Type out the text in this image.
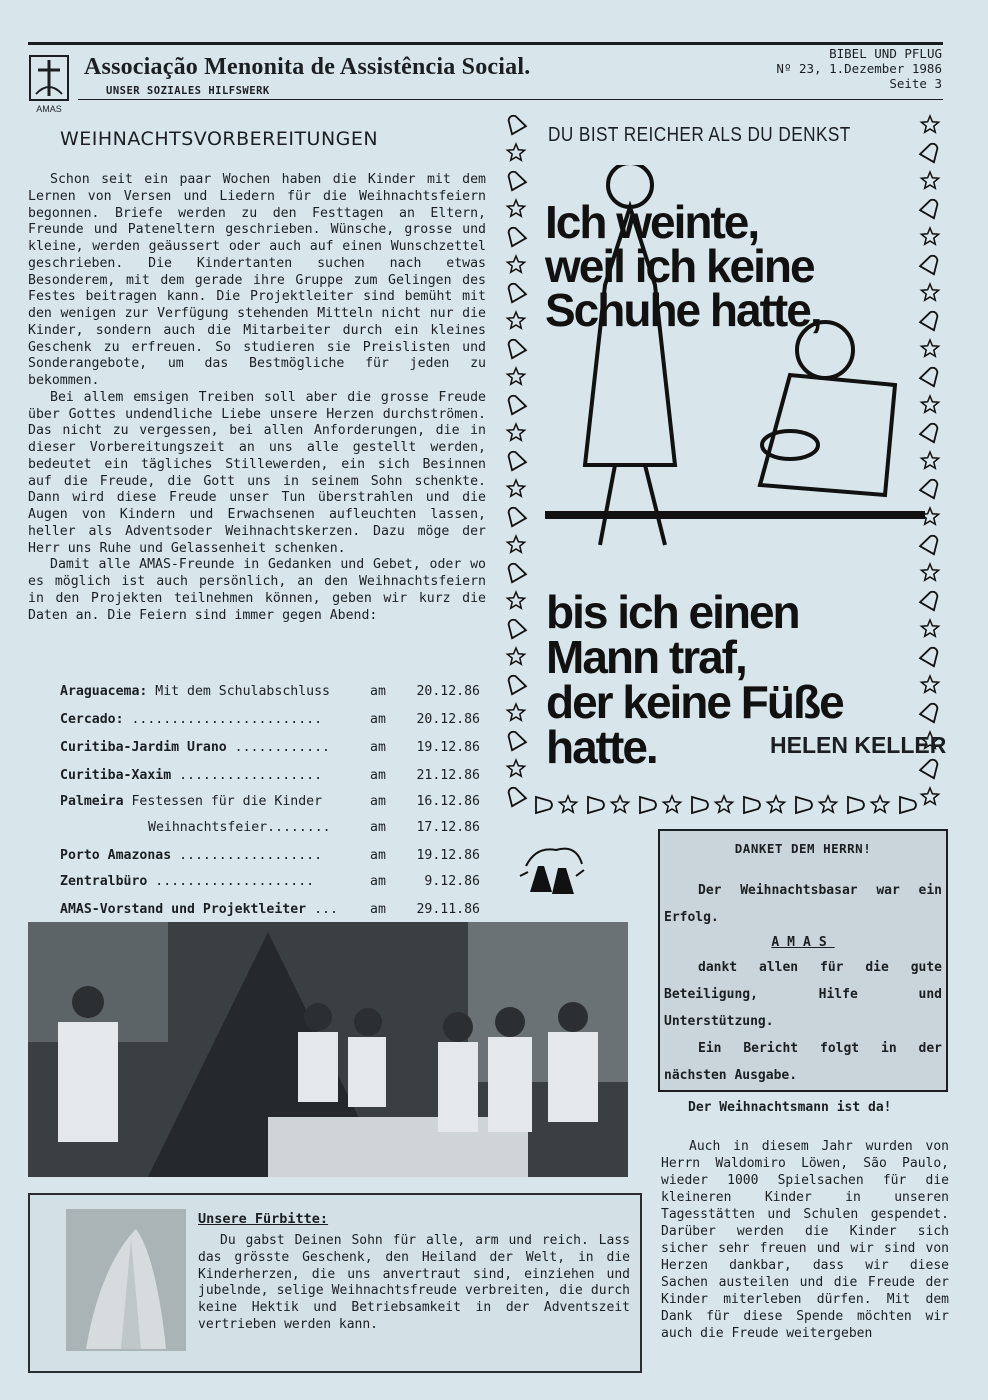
AMAS
Associação Menonita de Assistência Social.
UNSER SOZIALES HILFSWERK
BIBEL UND PFLUG
Nº 23, 1.Dezember 1986
Seite 3
WEIHNACHTSVORBEREITUNGEN

Schon seit ein paar Wochen haben die Kinder mit dem Lernen von Versen und Liedern für die Weihnachtsfeiern begonnen. Briefe werden zu den Festtagen an Eltern, Freunde und Pateneltern geschrieben. Wünsche, grosse und kleine, werden geäussert oder auch auf einen Wunschzettel geschrieben. Die Kindertanten suchen nach etwas Besonderem, mit dem gerade ihre Gruppe zum Gelingen des Festes beitragen kann. Die Projektleiter sind bemüht mit den wenigen zur Verfügung stehenden Mitteln nicht nur die Kinder, sondern auch die Mitarbeiter durch ein kleines Geschenk zu erfreuen. So studieren sie Preislisten und Sonderangebote, um das Bestmögliche für jeden zu bekommen.

Bei allem emsigen Treiben soll aber die grosse Freude über Gottes undendliche Liebe unsere Herzen durchströmen. Das nicht zu vergessen, bei allen Anforderungen, die in dieser Vorbereitungszeit an uns alle gestellt werden, bedeutet ein tägliches Stillewerden, ein sich Besinnen auf die Freude, die Gott uns in seinem Sohn schenkte. Dann wird diese Freude unser Tun überstrahlen und die Augen von Kindern und Erwachsenen aufleuchten lassen, heller als Adventsoder Weihnachtskerzen. Dazu möge der Herr uns Ruhe und Gelassenheit schenken.

Damit alle AMAS-Freunde in Gedanken und Gebet, oder wo es möglich ist auch persönlich, an den Weihnachtsfeiern in den Projekten teilnehmen können, geben wir kurz die Daten an. Die Feiern sind immer gegen Abend:

Araguacema: Mit dem Schulabschluss	am 20.12.86
Cercado: ........................	am 20.12.86
Curitiba-Jardim Urano ............	am 19.12.86
Curitiba-Xaxim ..................	am 21.12.86
Palmeira Festessen für die Kinder	am 16.12.86
Weihnachtsfeier........	am 17.12.86
Porto Amazonas ..................	am 19.12.86
Zentralbüro ....................	am	9.12.86
AMAS-Vorstand und Projektleiter ... am 29.11.86
Unsere Fürbitte:
Du gabst Deinen Sohn für alle, arm und reich. Lass das grösste Geschenk, den Heiland der Welt, in die Kinderherzen, die uns anvertraut sind, einziehen und jubelnde, selige Weihnachtsfreude verbreiten, die durch keine Hektik und Betriebsamkeit in der Adventszeit vertrieben werden kann.
DU BIST REICHER ALS DU DENKST
Ich weinte,
weil ich keine
Schuhe hatte,
bis ich einen
Mann traf,
der keine Füße
hatte.	HELEN KELLER
DANKET DEM HERRN!
Der Weihnachtsbasar war ein Erfolg.
AMAS
dankt allen für die gute Beteiligung, Hilfe und Unterstützung.
Ein Bericht folgt in der nächsten Ausgabe.
Der Weihnachtsmann ist da!
Auch in diesem Jahr wurden von Herrn Waldomiro Löwen, São Paulo, wieder 1000 Spielsachen für die kleineren Kinder in unseren Tagesstätten und Schulen gespendet. Darüber werden die Kinder sich sicher sehr freuen und wir sind von Herzen dankbar, dass wir diese Sachen austeilen und die Freude der Kinder miterleben dürfen. Mit dem Dank für diese Spende möchten wir auch die Freude weitergeben
